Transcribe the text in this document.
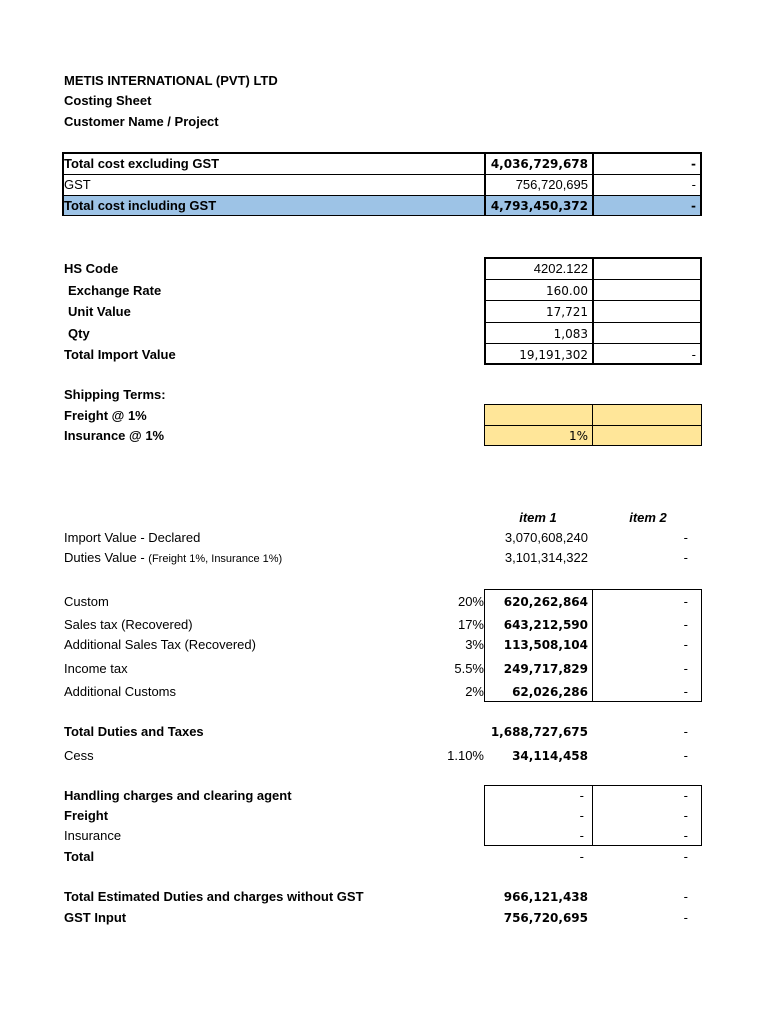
METIS INTERNATIONAL (PVT) LTD
Costing Sheet
Customer Name / Project
Total cost excluding GST	4,036,729,678	-
GST	756,720,695	-
Total cost including GST	4,793,450,372	-
HS Code	4202.122
Exchange Rate	160.00
Unit Value	17,721
Qty	1,083
Total Import Value	19,191,302	-
Shipping Terms:
Freight @ 1%
Insurance @ 1%	1%
item 1	item 2
Import Value - Declared	3,070,608,240	-
Duties Value - (Freight 1%, Insurance 1%)	3,101,314,322	-
Custom	20%	620,262,864	-
Sales tax (Recovered)	17%	643,212,590	-
Additional Sales Tax (Recovered)	3%	113,508,104	-
Income tax	5.5%	249,717,829	-
Additional Customs	2%	62,026,286	-
Total Duties and Taxes	1,688,727,675	-
Cess	1.10%	34,114,458	-
Handling charges and clearing agent	-	-
Freight	-	-
Insurance	-	-
Total	-	-
Total Estimated Duties and charges without GST	966,121,438	-
GST Input	756,720,695	-
